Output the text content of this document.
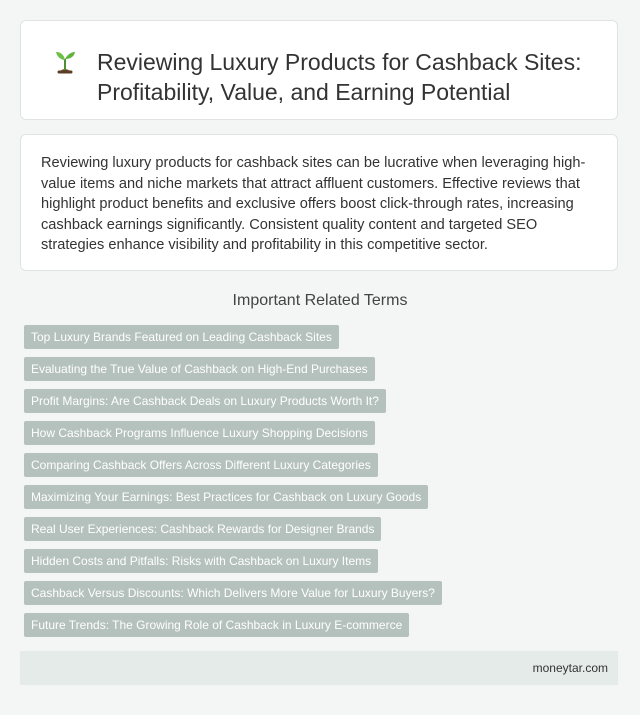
Reviewing Luxury Products for Cashback Sites: Profitability, Value, and Earning Potential

Reviewing luxury products for cashback sites can be lucrative when leveraging high-value items and niche markets that attract affluent customers. Effective reviews that highlight product benefits and exclusive offers boost click-through rates, increasing cashback earnings significantly. Consistent quality content and targeted SEO strategies enhance visibility and profitability in this competitive sector.

Important Related Terms
Top Luxury Brands Featured on Leading Cashback Sites
Evaluating the True Value of Cashback on High-End Purchases
Profit Margins: Are Cashback Deals on Luxury Products Worth It?
How Cashback Programs Influence Luxury Shopping Decisions
Comparing Cashback Offers Across Different Luxury Categories
Maximizing Your Earnings: Best Practices for Cashback on Luxury Goods
Real User Experiences: Cashback Rewards for Designer Brands
Hidden Costs and Pitfalls: Risks with Cashback on Luxury Items
Cashback Versus Discounts: Which Delivers More Value for Luxury Buyers?
Future Trends: The Growing Role of Cashback in Luxury E-commerce
moneytar.com
